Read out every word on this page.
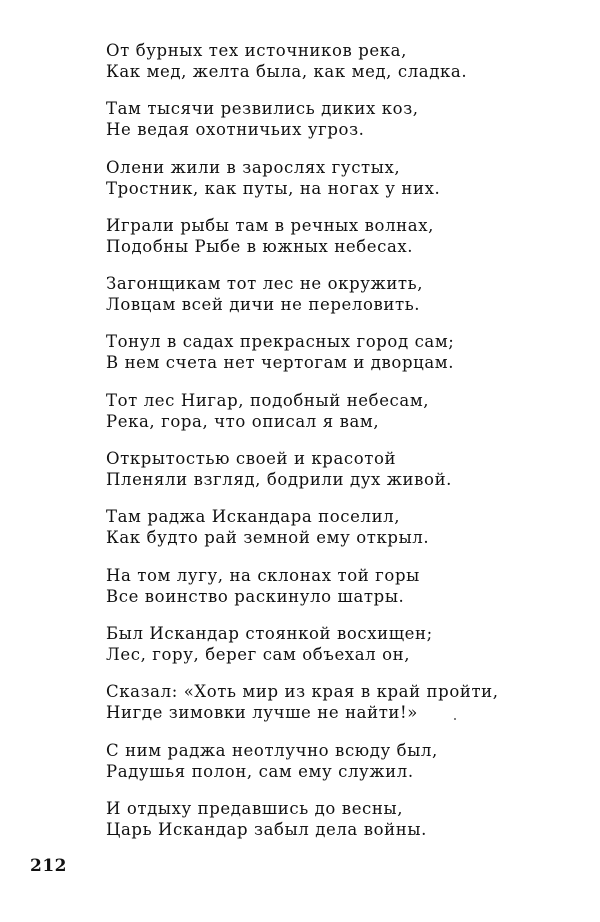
От бурных тех источников река,
Как мед, желта была, как мед, сладка.
Там тысячи резвились диких коз,
Не ведая охотничьих угроз.
Олени жили в зарослях густых,
Тростник, как путы, на ногах у них.
Играли рыбы там в речных волнах,
Подобны Рыбе в южных небесах.
Загонщикам тот лес не окружить,
Ловцам всей дичи не переловить.
Тонул в садах прекрасных город сам;
В нем счета нет чертогам и дворцам.
Тот лес Нигар, подобный небесам,
Река, гора, что описал я вам,
Открытостью своей и красотой
Пленяли взгляд, бодрили дух живой.
Там раджа Искандара поселил,
Как будто рай земной ему открыл.
На том лугу, на склонах той горы
Все воинство раскинуло шатры.
Был Искандар стоянкой восхищен;
Лес, гору, берег сам объехал он,
Сказал: «Хоть мир из края в край пройти,
Нигде зимовки лучше не найти!»
С ним раджа неотлучно всюду был,
Радушья полон, сам ему служил.
И отдыху предавшись до весны,
Царь Искандар забыл дела войны.
212
